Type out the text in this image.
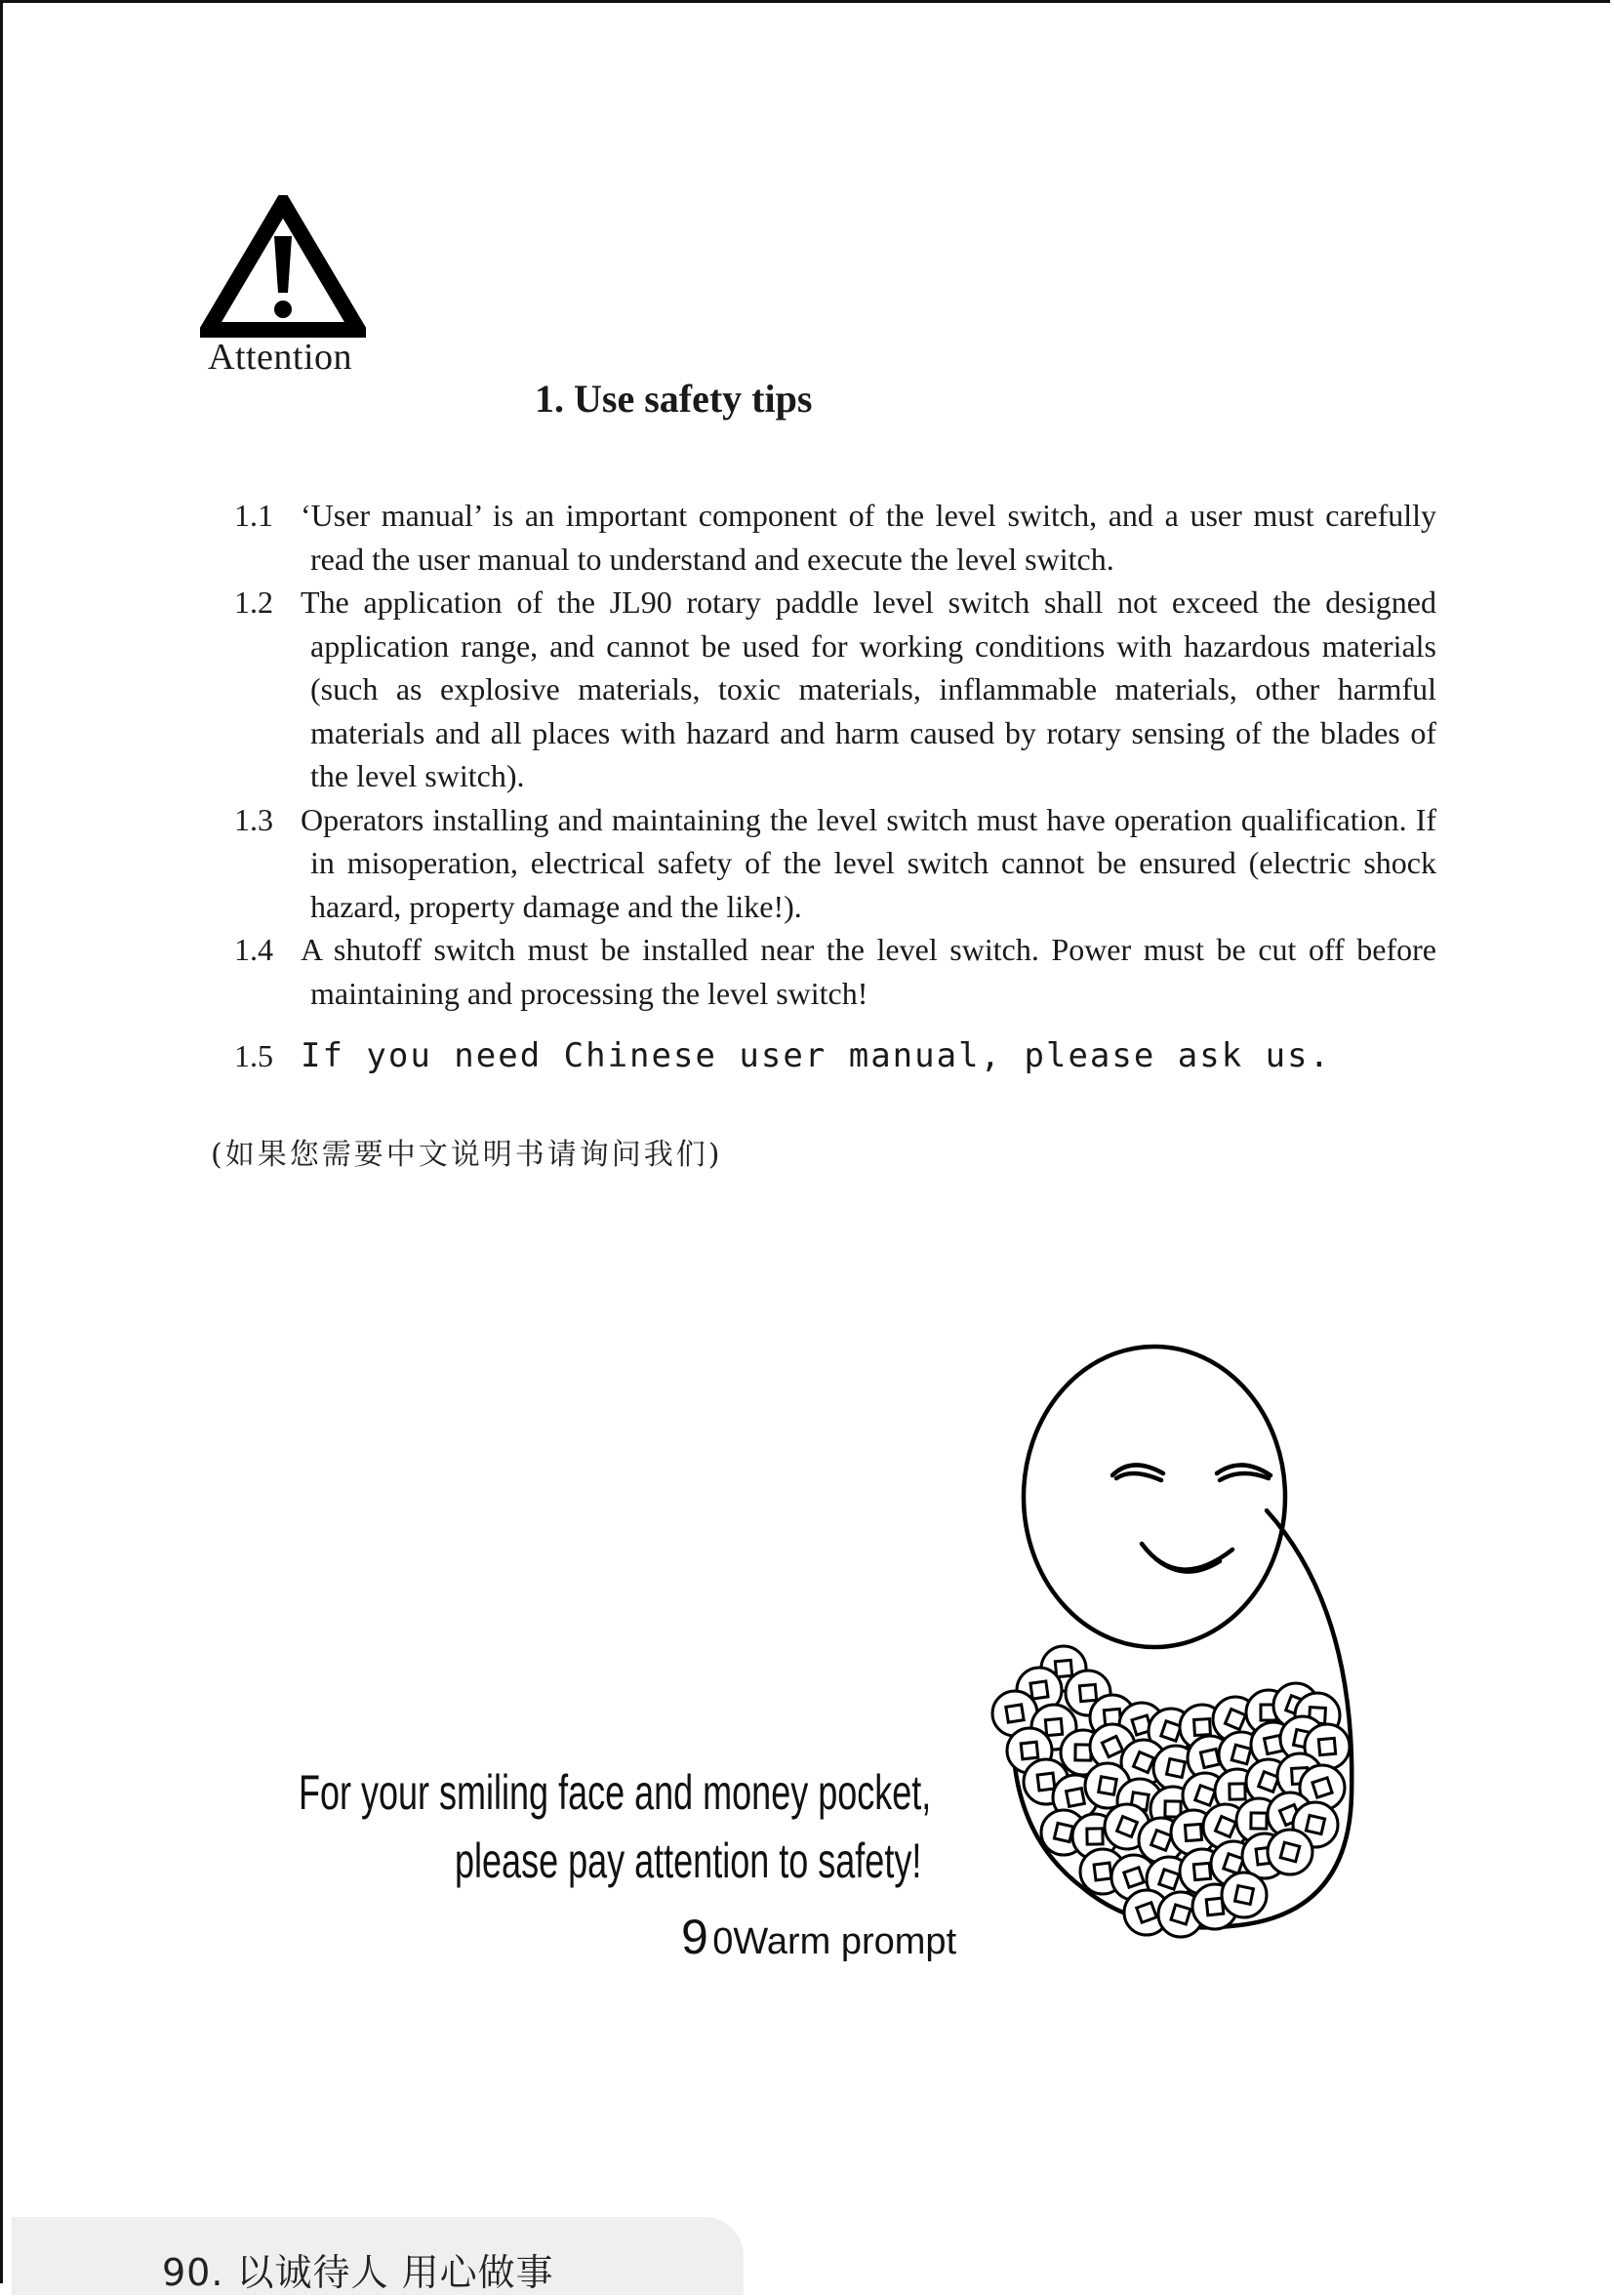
Attention
1. Use safety tips
1.1 ‘User manual’ is an important component of the level switch, and a user must carefully read the user manual to understand and execute the level switch.
1.2 The application of the JL90 rotary paddle level switch shall not exceed the designed application range, and cannot be used for working conditions with hazardous materials (such as explosive materials, toxic materials, inflammable materials, other harmful materials and all places with hazard and harm caused by rotary sensing of the blades of the level switch).
1.3 Operators installing and maintaining the level switch must have operation qualification. If in misoperation, electrical safety of the level switch cannot be ensured (electric shock hazard, property damage and the like!).
1.4 A shutoff switch must be installed near the level switch. Power must be cut off before maintaining and processing the level switch!
1.5 If you need Chinese user manual, please ask us.

(如果您需要中文说明书请询问我们)

For your smiling face and money pocket,
please pay attention to safety!
9 0Warm prompt
90. 以诚待人 用心做事
